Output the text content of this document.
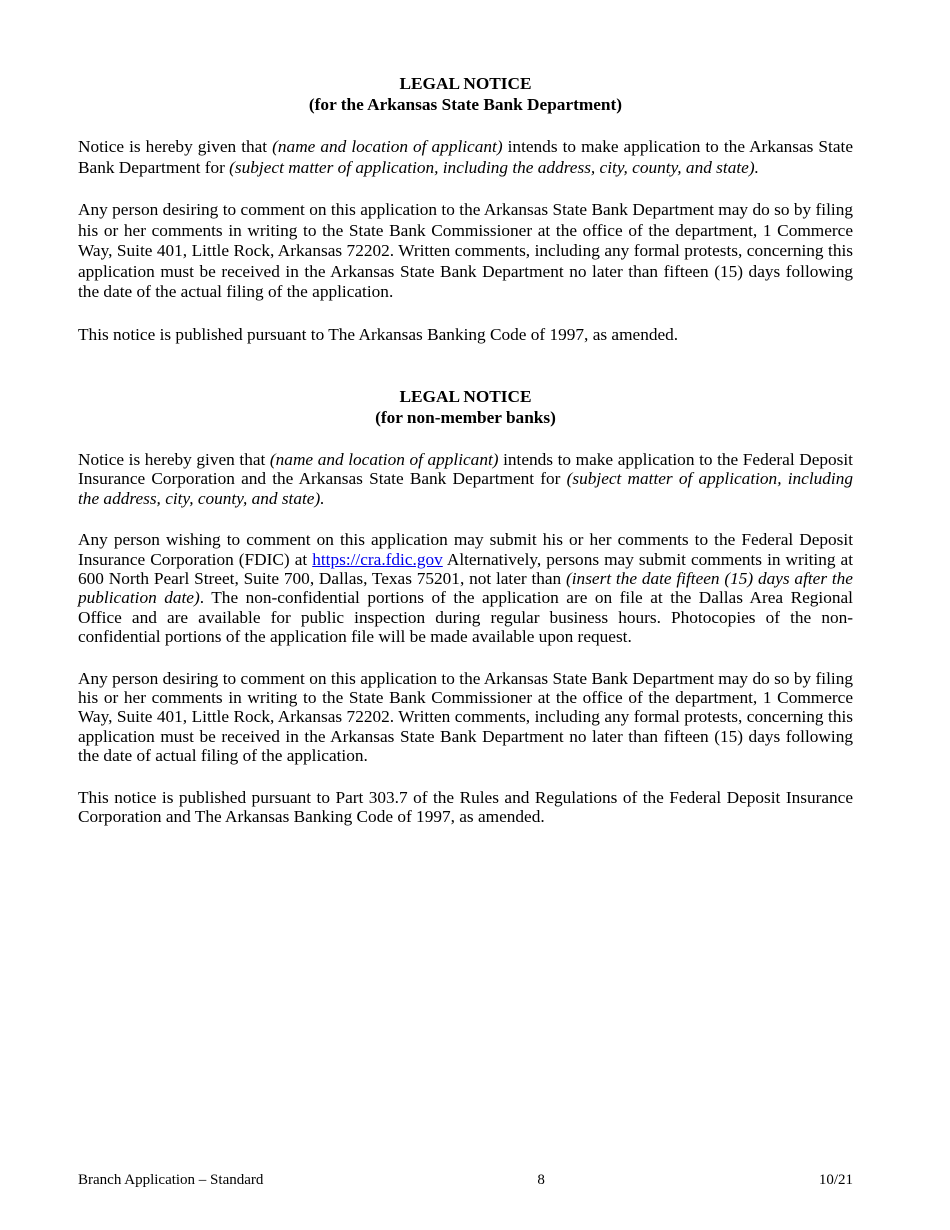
LEGAL NOTICE
(for the Arkansas State Bank Department)

Notice is hereby given that (name and location of applicant) intends to make application to the Arkansas State Bank Department for (subject matter of application, including the address, city, county, and state).

Any person desiring to comment on this application to the Arkansas State Bank Department may do so by filing his or her comments in writing to the State Bank Commissioner at the office of the department, 1 Commerce Way, Suite 401, Little Rock, Arkansas 72202. Written comments, including any formal protests, concerning this application must be received in the Arkansas State Bank Department no later than fifteen (15) days following the date of the actual filing of the application.

This notice is published pursuant to The Arkansas Banking Code of 1997, as amended.

LEGAL NOTICE
(for non-member banks)

Notice is hereby given that (name and location of applicant) intends to make application to the Federal Deposit Insurance Corporation and the Arkansas State Bank Department for (subject matter of application, including the address, city, county, and state).

Any person wishing to comment on this application may submit his or her comments to the Federal Deposit Insurance Corporation (FDIC) at https://cra.fdic.gov Alternatively, persons may submit comments in writing at 600 North Pearl Street, Suite 700, Dallas, Texas 75201, not later than (insert the date fifteen (15) days after the publication date). The non-confidential portions of the application are on file at the Dallas Area Regional Office and are available for public inspection during regular business hours. Photocopies of the non-confidential portions of the application file will be made available upon request.

Any person desiring to comment on this application to the Arkansas State Bank Department may do so by filing his or her comments in writing to the State Bank Commissioner at the office of the department, 1 Commerce Way, Suite 401, Little Rock, Arkansas 72202. Written comments, including any formal protests, concerning this application must be received in the Arkansas State Bank Department no later than fifteen (15) days following the date of actual filing of the application.

This notice is published pursuant to Part 303.7 of the Rules and Regulations of the Federal Deposit Insurance Corporation and The Arkansas Banking Code of 1997, as amended.

Branch Application – Standard	8	10/21
